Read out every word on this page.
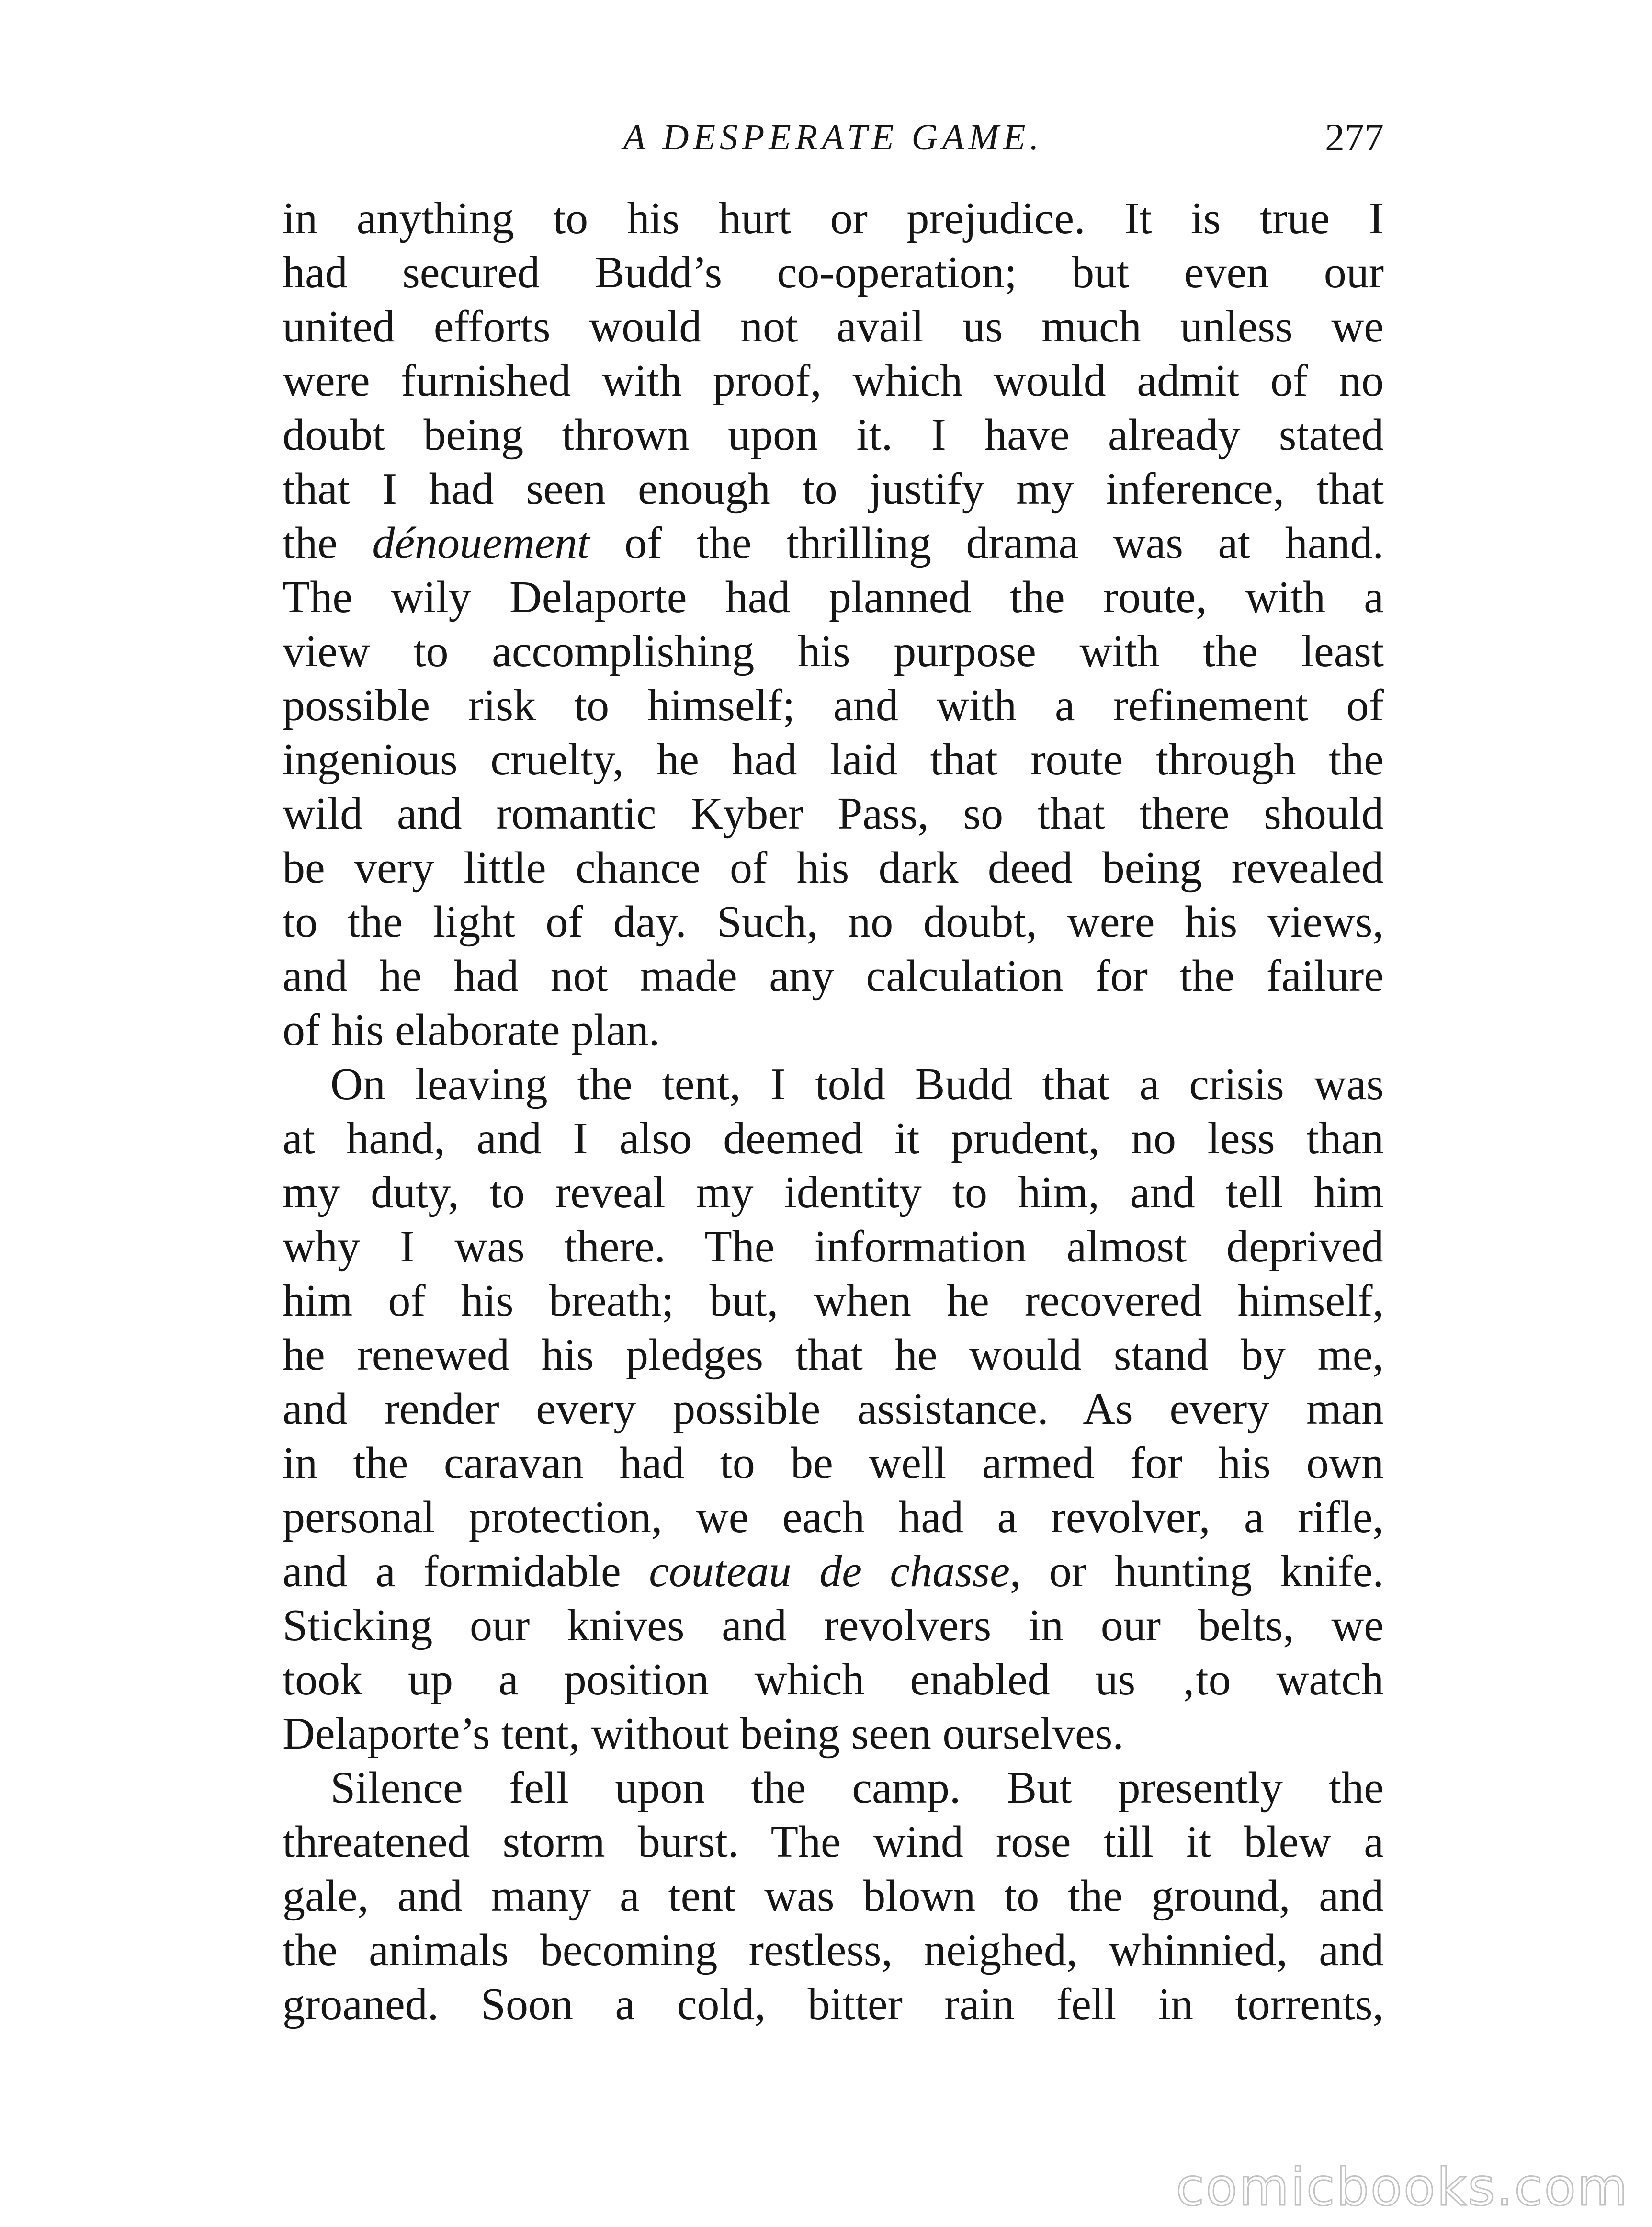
A DESPERATE GAME.	277
in anything to his hurt or prejudice. It is true I
had secured Budd’s co-operation; but even our
united efforts would not avail us much unless we
were furnished with proof, which would admit of no
doubt being thrown upon it. I have already stated
that I had seen enough to justify my inference, that
the dénouement of the thrilling drama was at hand.
The wily Delaporte had planned the route, with a
view to accomplishing his purpose with the least
possible risk to himself; and with a refinement of
ingenious cruelty, he had laid that route through the
wild and romantic Kyber Pass, so that there should
be very little chance of his dark deed being revealed
to the light of day. Such, no doubt, were his views,
and he had not made any calculation for the failure
of his elaborate plan.
On leaving the tent, I told Budd that a crisis was
at hand, and I also deemed it prudent, no less than
my duty, to reveal my identity to him, and tell him
why I was there. The information almost deprived
him of his breath; but, when he recovered himself,
he renewed his pledges that he would stand by me,
and render every possible assistance. As every man
in the caravan had to be well armed for his own
personal protection, we each had a revolver, a rifle,
and a formidable couteau de chasse, or hunting knife.
Sticking our knives and revolvers in our belts, we
took up a position which enabled us ‚to watch
Delaporte’s tent, without being seen ourselves.
Silence fell upon the camp. But presently the
threatened storm burst. The wind rose till it blew a
gale, and many a tent was blown to the ground, and
the animals becoming restless, neighed, whinnied, and
groaned. Soon a cold, bitter rain fell in torrents,
comicbooks.com
